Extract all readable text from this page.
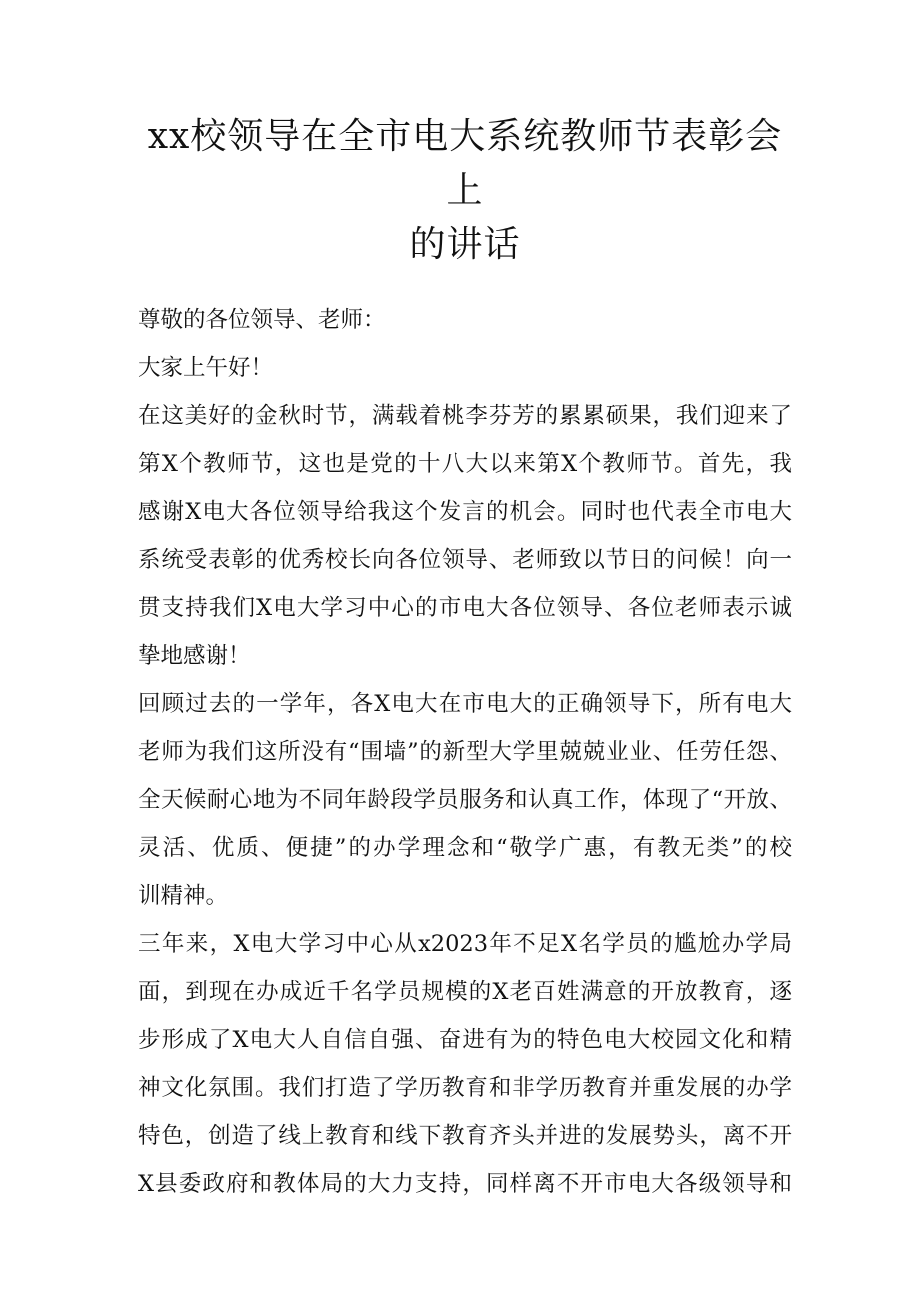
xx校领导在全市电大系统教师节表彰会上
的讲话

尊敬的各位领导、老师：

大家上午好！

在这美好的金秋时节，满载着桃李芬芳的累累硕果，我们迎来了

第X个教师节，这也是党的十八大以来第X个教师节。首先，我

感谢X电大各位领导给我这个发言的机会。同时也代表全市电大

系统受表彰的优秀校长向各位领导、老师致以节日的问候！向一

贯支持我们X电大学习中心的市电大各位领导、各位老师表示诚

挚地感谢！

回顾过去的一学年，各X电大在市电大的正确领导下，所有电大

老师为我们这所没有“围墙”的新型大学里兢兢业业、任劳任怨、

全天候耐心地为不同年龄段学员服务和认真工作，体现了“开放、

灵活、优质、便捷”的办学理念和“敬学广惠，有教无类”的校

训精神。

三年来，X电大学习中心从x2023年不足X名学员的尴尬办学局

面，到现在办成近千名学员规模的X老百姓满意的开放教育，逐

步形成了X电大人自信自强、奋进有为的特色电大校园文化和精

神文化氛围。我们打造了学历教育和非学历教育并重发展的办学

特色，创造了线上教育和线下教育齐头并进的发展势头，离不开

X县委政府和教体局的大力支持，同样离不开市电大各级领导和
